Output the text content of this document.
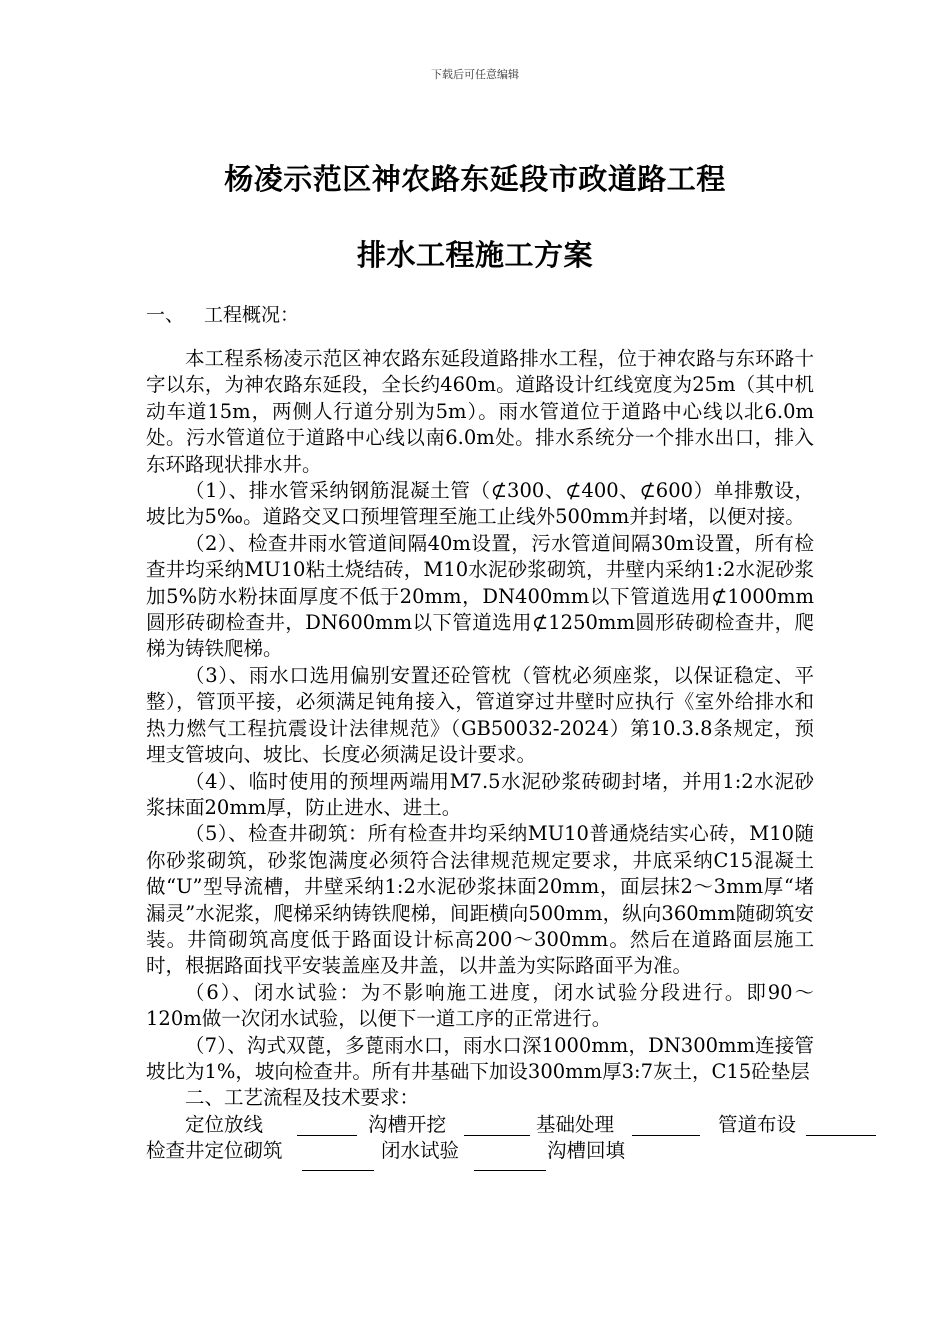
下载后可任意编辑
杨凌示范区神农路东延段市政道路工程
排水工程施工方案
一、 工程概况：

本工程系杨凌示范区神农路东延段道路排水工程，位于神农路与东环路十字以东，为神农路东延段，全长约460m。道路设计红线宽度为25m（其中机动车道15m，两侧人行道分别为5m）。雨水管道位于道路中心线以北6.0m处。污水管道位于道路中心线以南6.0m处。排水系统分一个排水出口，排入东环路现状排水井。

（1）、排水管采纳钢筋混凝土管（⊄300、⊄400、⊄600）单排敷设，坡比为5‰。道路交叉口预埋管理至施工止线外500mm并封堵，以便对接。

（2）、检查井雨水管道间隔40m设置，污水管道间隔30m设置，所有检查井均采纳MU10粘土烧结砖，M10水泥砂浆砌筑，井壁内采纳1:2水泥砂浆加5%防水粉抹面厚度不低于20mm，DN400mm以下管道选用⊄1000mm圆形砖砌检查井，DN600mm以下管道选用⊄1250mm圆形砖砌检查井，爬梯为铸铁爬梯。

（3）、雨水口选用偏别安置还砼管枕（管枕必须座浆，以保证稳定、平整），管顶平接，必须满足钝角接入，管道穿过井壁时应执行《室外给排水和热力燃气工程抗震设计法律规范》（GB50032-2024）第10.3.8条规定，预埋支管坡向、坡比、长度必须满足设计要求。

（4）、临时使用的预埋两端用M7.5水泥砂浆砖砌封堵，并用1:2水泥砂浆抹面20mm厚，防止进水、进土。

（5）、检查井砌筑：所有检查井均采纳MU10普通烧结实心砖，M10随你砂浆砌筑，砂浆饱满度必须符合法律规范规定要求，井底采纳C15混凝土做“U”型导流槽，井壁采纳1:2水泥砂浆抹面20mm，面层抹2～3mm厚“堵漏灵”水泥浆，爬梯采纳铸铁爬梯，间距横向500mm，纵向360mm随砌筑安装。井筒砌筑高度低于路面设计标高200～300mm。然后在道路面层施工时，根据路面找平安装盖座及井盖，以井盖为实际路面平为准。

（6）、闭水试验：为不影响施工进度，闭水试验分段进行。即90～120m做一次闭水试验，以便下一道工序的正常进行。

（7）、沟式双蓖，多蓖雨水口，雨水口深1000mm，DN300mm连接管坡比为1%，坡向检查井。所有井基础下加设300mm厚3:7灰土，C15砼垫层

二、工艺流程及技术要求：

定位放线	沟槽开挖	基础处理	管道布设
检查井定位砌筑	闭水试验	沟槽回填
